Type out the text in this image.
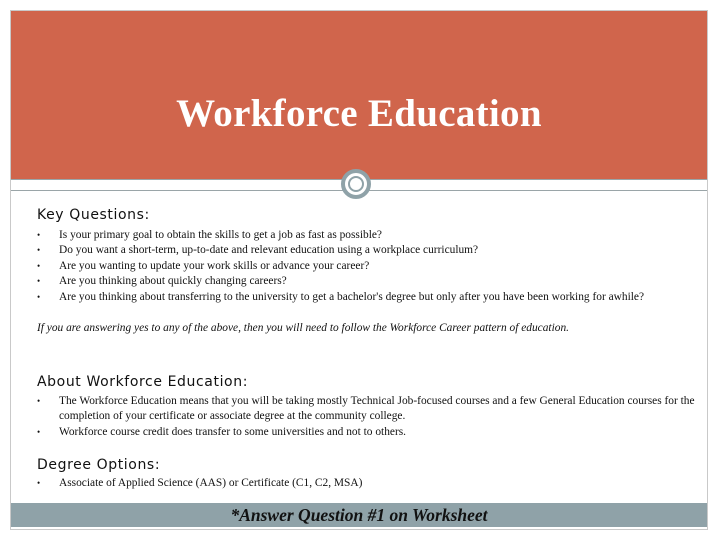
Workforce Education
Key Questions:
• Is your primary goal to obtain the skills to get a job as fast as possible?
• Do you want a short-term, up-to-date and relevant education using a workplace curriculum?
• Are you wanting to update your work skills or advance your career?
• Are you thinking about quickly changing careers?
• Are you thinking about transferring to the university to get a bachelor's degree but only after you have been working for awhile?
If you are answering yes to any of the above, then you will need to follow the Workforce Career pattern of education.
About Workforce Education:
• The Workforce Education means that you will be taking mostly Technical Job-focused courses and a few General Education courses for the completion of your certificate or associate degree at the community college.
• Workforce course credit does transfer to some universities and not to others.
Degree Options:
• Associate of Applied Science (AAS) or Certificate (C1, C2, MSA)
*Answer Question #1 on Worksheet
